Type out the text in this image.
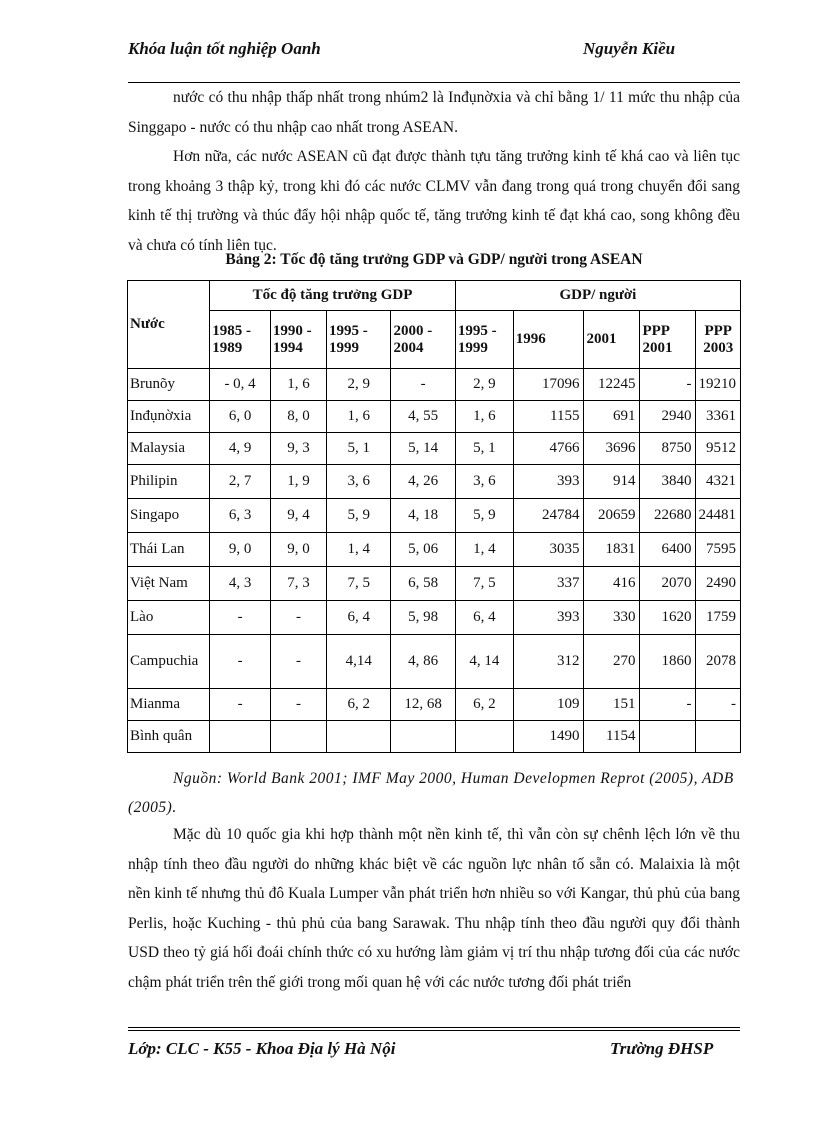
Khóa luận tốt nghiệp Oanh	Nguyễn Kiều

nước có thu nhập thấp nhất trong nhúm2 là Inđụnờxia và chỉ bằng 1/ 11 mức thu nhập của Singgapo - nước có thu nhập cao nhất trong ASEAN.

Hơn nữa, các nước ASEAN cũ đạt được thành tựu tăng trưởng kinh tế khá cao và liên tục trong khoảng 3 thập kỷ, trong khi đó các nước CLMV vẫn đang trong quá trong chuyển đổi sang kinh tế thị trường và thúc đẩy hội nhập quốc tế, tăng trưởng kinh tế đạt khá cao, song không đều và chưa có tính liên tục.

Bảng 2: Tốc độ tăng trưởng GDP và GDP/ người trong ASEAN
Nước	Tốc độ tăng trưởng GDP				GDP/ người				
	1985 - 1989	1990 - 1994	1995 - 1999	2000 - 2004	1995 - 1999	1996	2001	PPP 2001	PPP 2003

Brunõy	- 0, 4	1, 6	2, 9	-	2, 9	17096	12245	-	19210
Inđụnờxia	6, 0	8, 0	1, 6	4, 55	1, 6	1155	691	2940	3361
Malaysia	4, 9	9, 3	5, 1	5, 14	5, 1	4766	3696	8750	9512
Philipin	2, 7	1, 9	3, 6	4, 26	3, 6	393	914	3840	4321
Singapo	6, 3	9, 4	5, 9	4, 18	5, 9	24784	20659	22680	24481
Thái Lan	9, 0	9, 0	1, 4	5, 06	1, 4	3035	1831	6400	7595
Việt Nam	4, 3	7, 3	7, 5	6, 58	7, 5	337	416	2070	2490
Lào	-	-	6, 4	5, 98	6, 4	393	330	1620	1759
Campuchia	-	-	4,14	4, 86	4, 14	312	270	1860	2078
Mianma	-	-	6, 2	12, 68	6, 2	109	151	-	-
Bình quân						1490	1154		
Nguồn: World Bank 2001; IMF May 2000, Human Developmen Reprot (2005), ADB (2005).

Mặc dù 10 quốc gia khi hợp thành một nền kinh tế, thì vẫn còn sự chênh lệch lớn về thu nhập tính theo đầu người do những khác biệt về các nguồn lực nhân tố sẵn có. Malaixia là một nền kinh tế nhưng thủ đô Kuala Lumper vẫn phát triển hơn nhiều so với Kangar, thủ phủ của bang Perlis, hoặc Kuching - thủ phủ của bang Sarawak. Thu nhập tính theo đầu người quy đổi thành USD theo tỷ giá hối đoái chính thức có xu hướng làm giảm vị trí thu nhập tương đối của các nước chậm phát triển trên thế giới trong mối quan hệ với các nước tương đối phát triển

Lớp: CLC - K55 - Khoa Địa lý Hà Nội	Trường ĐHSP
